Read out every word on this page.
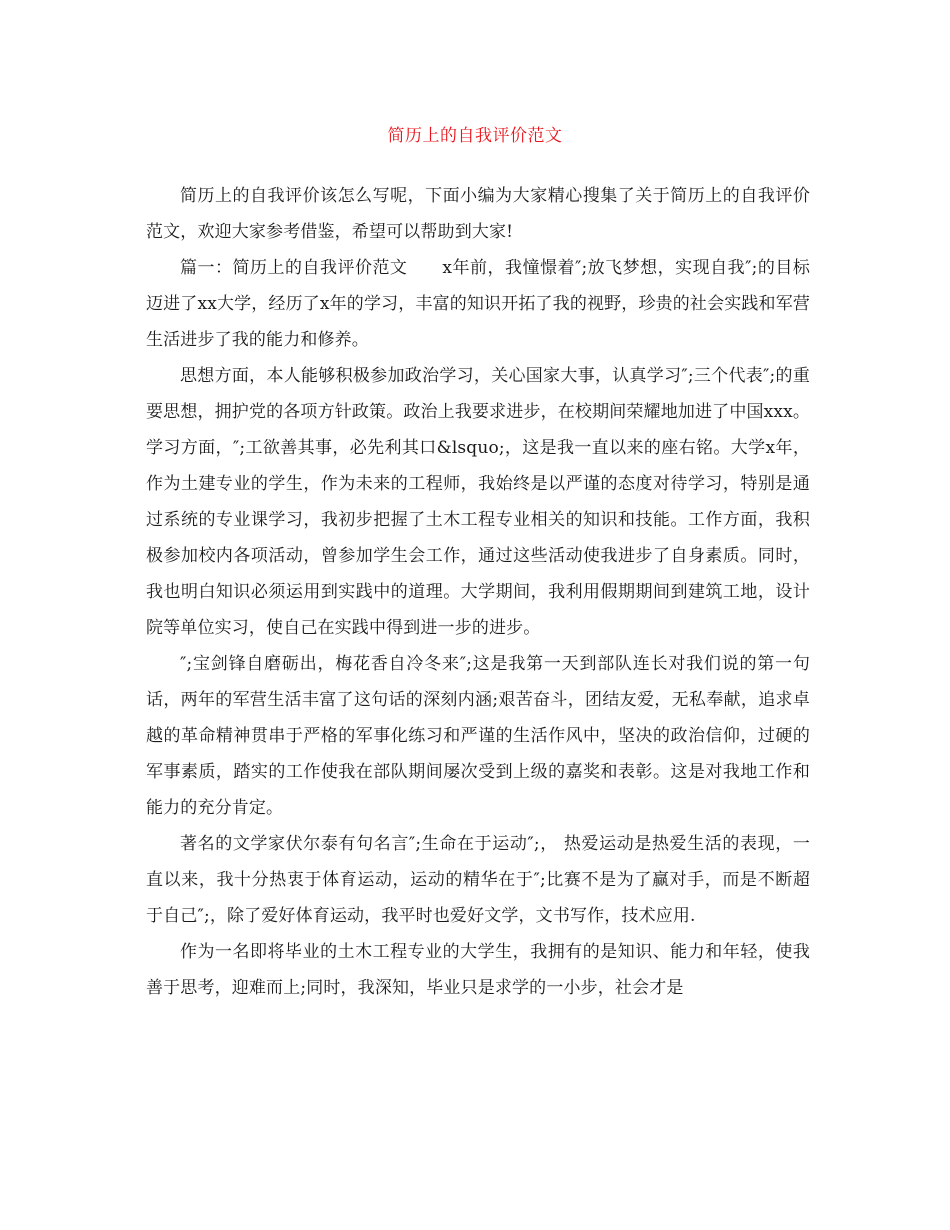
简历上的自我评价范文

简历上的自我评价该怎么写呢，下面小编为大家精心搜集了关于简历上的自我评价范文，欢迎大家参考借鉴，希望可以帮助到大家!

篇一：简历上的自我评价范文　　x年前，我憧憬着″;放飞梦想，实现自我″;的目标迈进了xx大学，经历了x年的学习，丰富的知识开拓了我的视野，珍贵的社会实践和军营生活进步了我的能力和修养。

思想方面，本人能够积极参加政治学习，关心国家大事，认真学习″;三个代表″;的重要思想，拥护党的各项方针政策。政治上我要求进步，在校期间荣耀地加进了中国xxx。学习方面，″;工欲善其事，必先利其口&lsquo;，这是我一直以来的座右铭。大学x年，作为土建专业的学生，作为未来的工程师，我始终是以严谨的态度对待学习，特别是通过系统的专业课学习，我初步把握了土木工程专业相关的知识和技能。工作方面，我积极参加校内各项活动，曾参加学生会工作，通过这些活动使我进步了自身素质。同时，我也明白知识必须运用到实践中的道理。大学期间，我利用假期期间到建筑工地，设计院等单位实习，使自己在实践中得到进一步的进步。

″;宝剑锋自磨砺出，梅花香自冷冬来″;这是我第一天到部队连长对我们说的第一句话，两年的军营生活丰富了这句话的深刻内涵;艰苦奋斗，团结友爱，无私奉献，追求卓越的革命精神贯串于严格的军事化练习和严谨的生活作风中，坚决的政治信仰，过硬的军事素质，踏实的工作使我在部队期间屡次受到上级的嘉奖和表彰。这是对我地工作和能力的充分肯定。

著名的文学家伏尔泰有句名言″;生命在于运动″;， 热爱运动是热爱生活的表现，一直以来，我十分热衷于体育运动，运动的精华在于″;比赛不是为了赢对手，而是不断超于自己″;，除了爱好体育运动，我平时也爱好文学，文书写作，技术应用.

作为一名即将毕业的土木工程专业的大学生，我拥有的是知识、能力和年轻，使我善于思考，迎难而上;同时，我深知，毕业只是求学的一小步，社会才是
